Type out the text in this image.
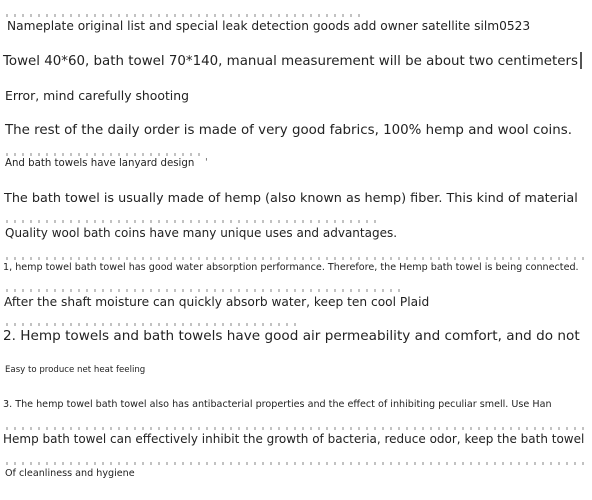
'

Nameplate original list and special leak detection goods add owner satellite silm0523

Towel 40*60, bath towel 70*140, manual measurement will be about two centimeters

Error, mind carefully shooting

The rest of the daily order is made of very good fabrics, 100% hemp and wool coins.

And bath towels have lanyard design

The bath towel is usually made of hemp (also known as hemp) fiber. This kind of material

Quality wool bath coins have many unique uses and advantages.

1, hemp towel bath towel has good water absorption performance. Therefore, the Hemp bath towel is being connected.

After the shaft moisture can quickly absorb water, keep ten cool Plaid

2. Hemp towels and bath towels have good air permeability and comfort, and do not

Easy to produce net heat feeling

3. The hemp towel bath towel also has antibacterial properties and the effect of inhibiting peculiar smell. Use Han

Hemp bath towel can effectively inhibit the growth of bacteria, reduce odor, keep the bath towel

Of cleanliness and hygiene
